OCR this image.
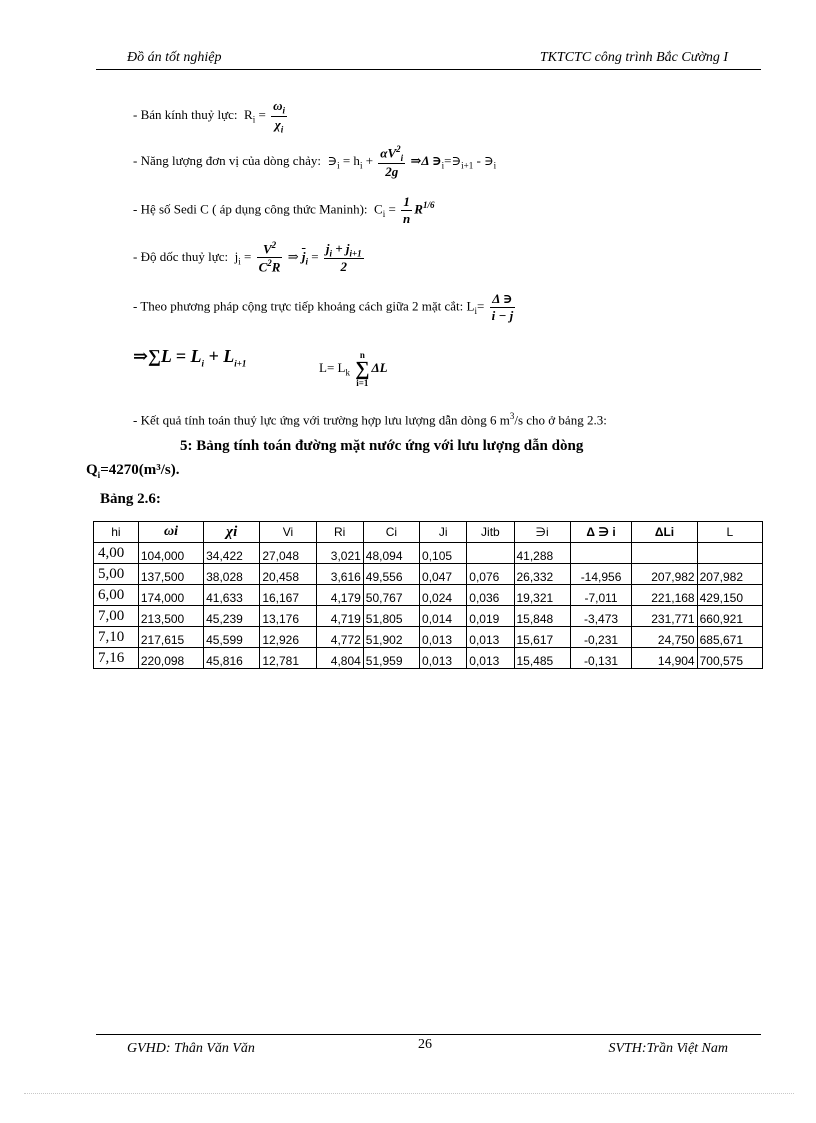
Đồ án tốt nghiệp	TKTCTC công trình Bắc Cường I
- Bán kính thuỷ lực: $R_i = \frac{\omega_i}{\chi_i}$
- Năng lượng đơn vị của dòng chảy: $∋_i = h_i + \frac{\alpha V^2_i}{2g}$ ⇒Δ $∋_i=∋_{i+1}$ - $∋_i$
- Hệ số Sedi C ( áp dụng công thức Maninh): $C_i = \frac{1}{n} R^{1/6}$
- Độ dốc thuỷ lực: $j_i = \frac{V^2}{C^2R}$ ⇒ $\overline{j}_i = \frac{j_i + j_{i+1}}{2}$
- Theo phương pháp cộng trực tiếp khoảng cách giữa 2 mặt cắt: $L_i= \frac{\Delta ∋}{i - j}$
⇒∑L = $L_i + L_{i+1}$	$L= L_k$
n
∑
i=1
ΔL
- Kết quả tính toán thuỷ lực ứng với trường hợp lưu lượng dẫn dòng 6 $m^3/s$ cho ở bảng 2.3:
5: Bảng tính toán đường mặt nước ứng với lưu lượng dẫn dòng
$Q_i=4270(m^3/s)$.
Bảng 2.6:
hi	ωi	χi	Vi	Ri	Ci	Ji	Jitb	∋i	Δ ∋ i	ΔLi	L
4,00	104,000	34,422	27,048	3,021	48,094	0,105		41,288			
5,00	137,500	38,028	20,458	3,616	49,556	0,047	0,076	26,332	-14,956	207,982	207,982
6,00	174,000	41,633	16,167	4,179	50,767	0,024	0,036	19,321	-7,011	221,168	429,150
7,00	213,500	45,239	13,176	4,719	51,805	0,014	0,019	15,848	-3,473	231,771	660,921
7,10	217,615	45,599	12,926	4,772	51,902	0,013	0,013	15,617	-0,231	24,750	685,671
7,16	220,098	45,816	12,781	4,804	51,959	0,013	0,013	15,485	-0,131	14,904	700,575
GVHD: Thân Văn Văn	26	SVTH:Trần Việt Nam
